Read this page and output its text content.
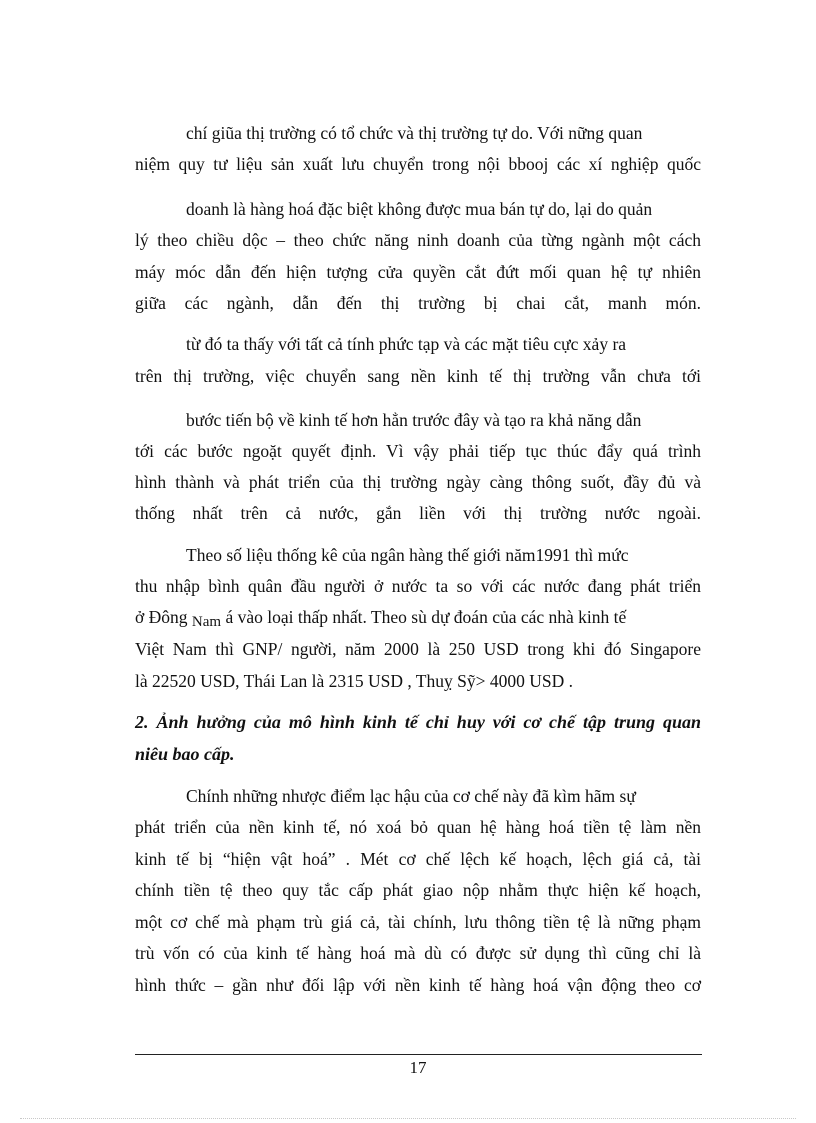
chí giũa thị trường có tổ chức và thị trường tự do. Với nững quan
niệm quy tư liệu sản xuất lưu chuyển trong nội bbooj các xí nghiệp quốc
doanh là hàng hoá đặc biệt không được mua bán tự do, lại do quản
lý theo chiều dộc – theo chức năng ninh doanh của từng ngành một cách
máy móc dẫn đến hiện tượng cửa quyền cắt đứt mối quan hệ tự nhiên
giữa các ngành, dẫn đến thị trường bị chai cắt, manh món.
từ đó ta thấy với tất cả tính phức tạp và các mặt tiêu cực xảy ra
trên thị trường, việc chuyển sang nền kinh tế thị trường vẫn chưa tới
bước tiến bộ về kinh tế hơn hẳn trước đây và tạo ra khả năng dẫn
tới các bước ngoặt quyết định. Vì vậy phải tiếp tục thúc đẩy quá trình
hình thành và phát triển của thị trường ngày càng thông suốt, đầy đủ và
thống nhất trên cả nước, gắn liền với thị trường nước ngoài.
Theo số liệu thống kê của ngân hàng thế giới năm1991 thì mức
thu nhập bình quân đầu người ở nước ta so với các nước đang phát triển
ở Đông Nam á vào loại thấp nhất. Theo sù dự đoán của các nhà kinh tế
Việt Nam thì GNP/ người, năm 2000 là 250 USD trong khi đó Singapore
là 22520 USD, Thái Lan là 2315 USD , Thuỵ Sỹ> 4000 USD .
2. Ảnh hưởng của mô hình kinh tế chỉ huy với cơ chế tập trung quan
niêu bao cấp.
Chính những nhược điểm lạc hậu của cơ chế này đã kìm hãm sự
phát triển của nền kinh tế, nó xoá bỏ quan hệ hàng hoá tiền tệ làm nền
kinh tế bị “hiện vật hoá” . Mét cơ chế lệch kế hoạch, lệch giá cả, tài
chính tiền tệ theo quy tắc cấp phát giao nộp nhằm thực hiện kế hoạch,
một cơ chế mà phạm trù giá cả, tài chính, lưu thông tiền tệ là nững phạm
trù vốn có của kinh tế hàng hoá mà dù có được sử dụng thì cũng chỉ là
hình thức – gần như đối lập với nền kinh tế hàng hoá vận động theo cơ
17
